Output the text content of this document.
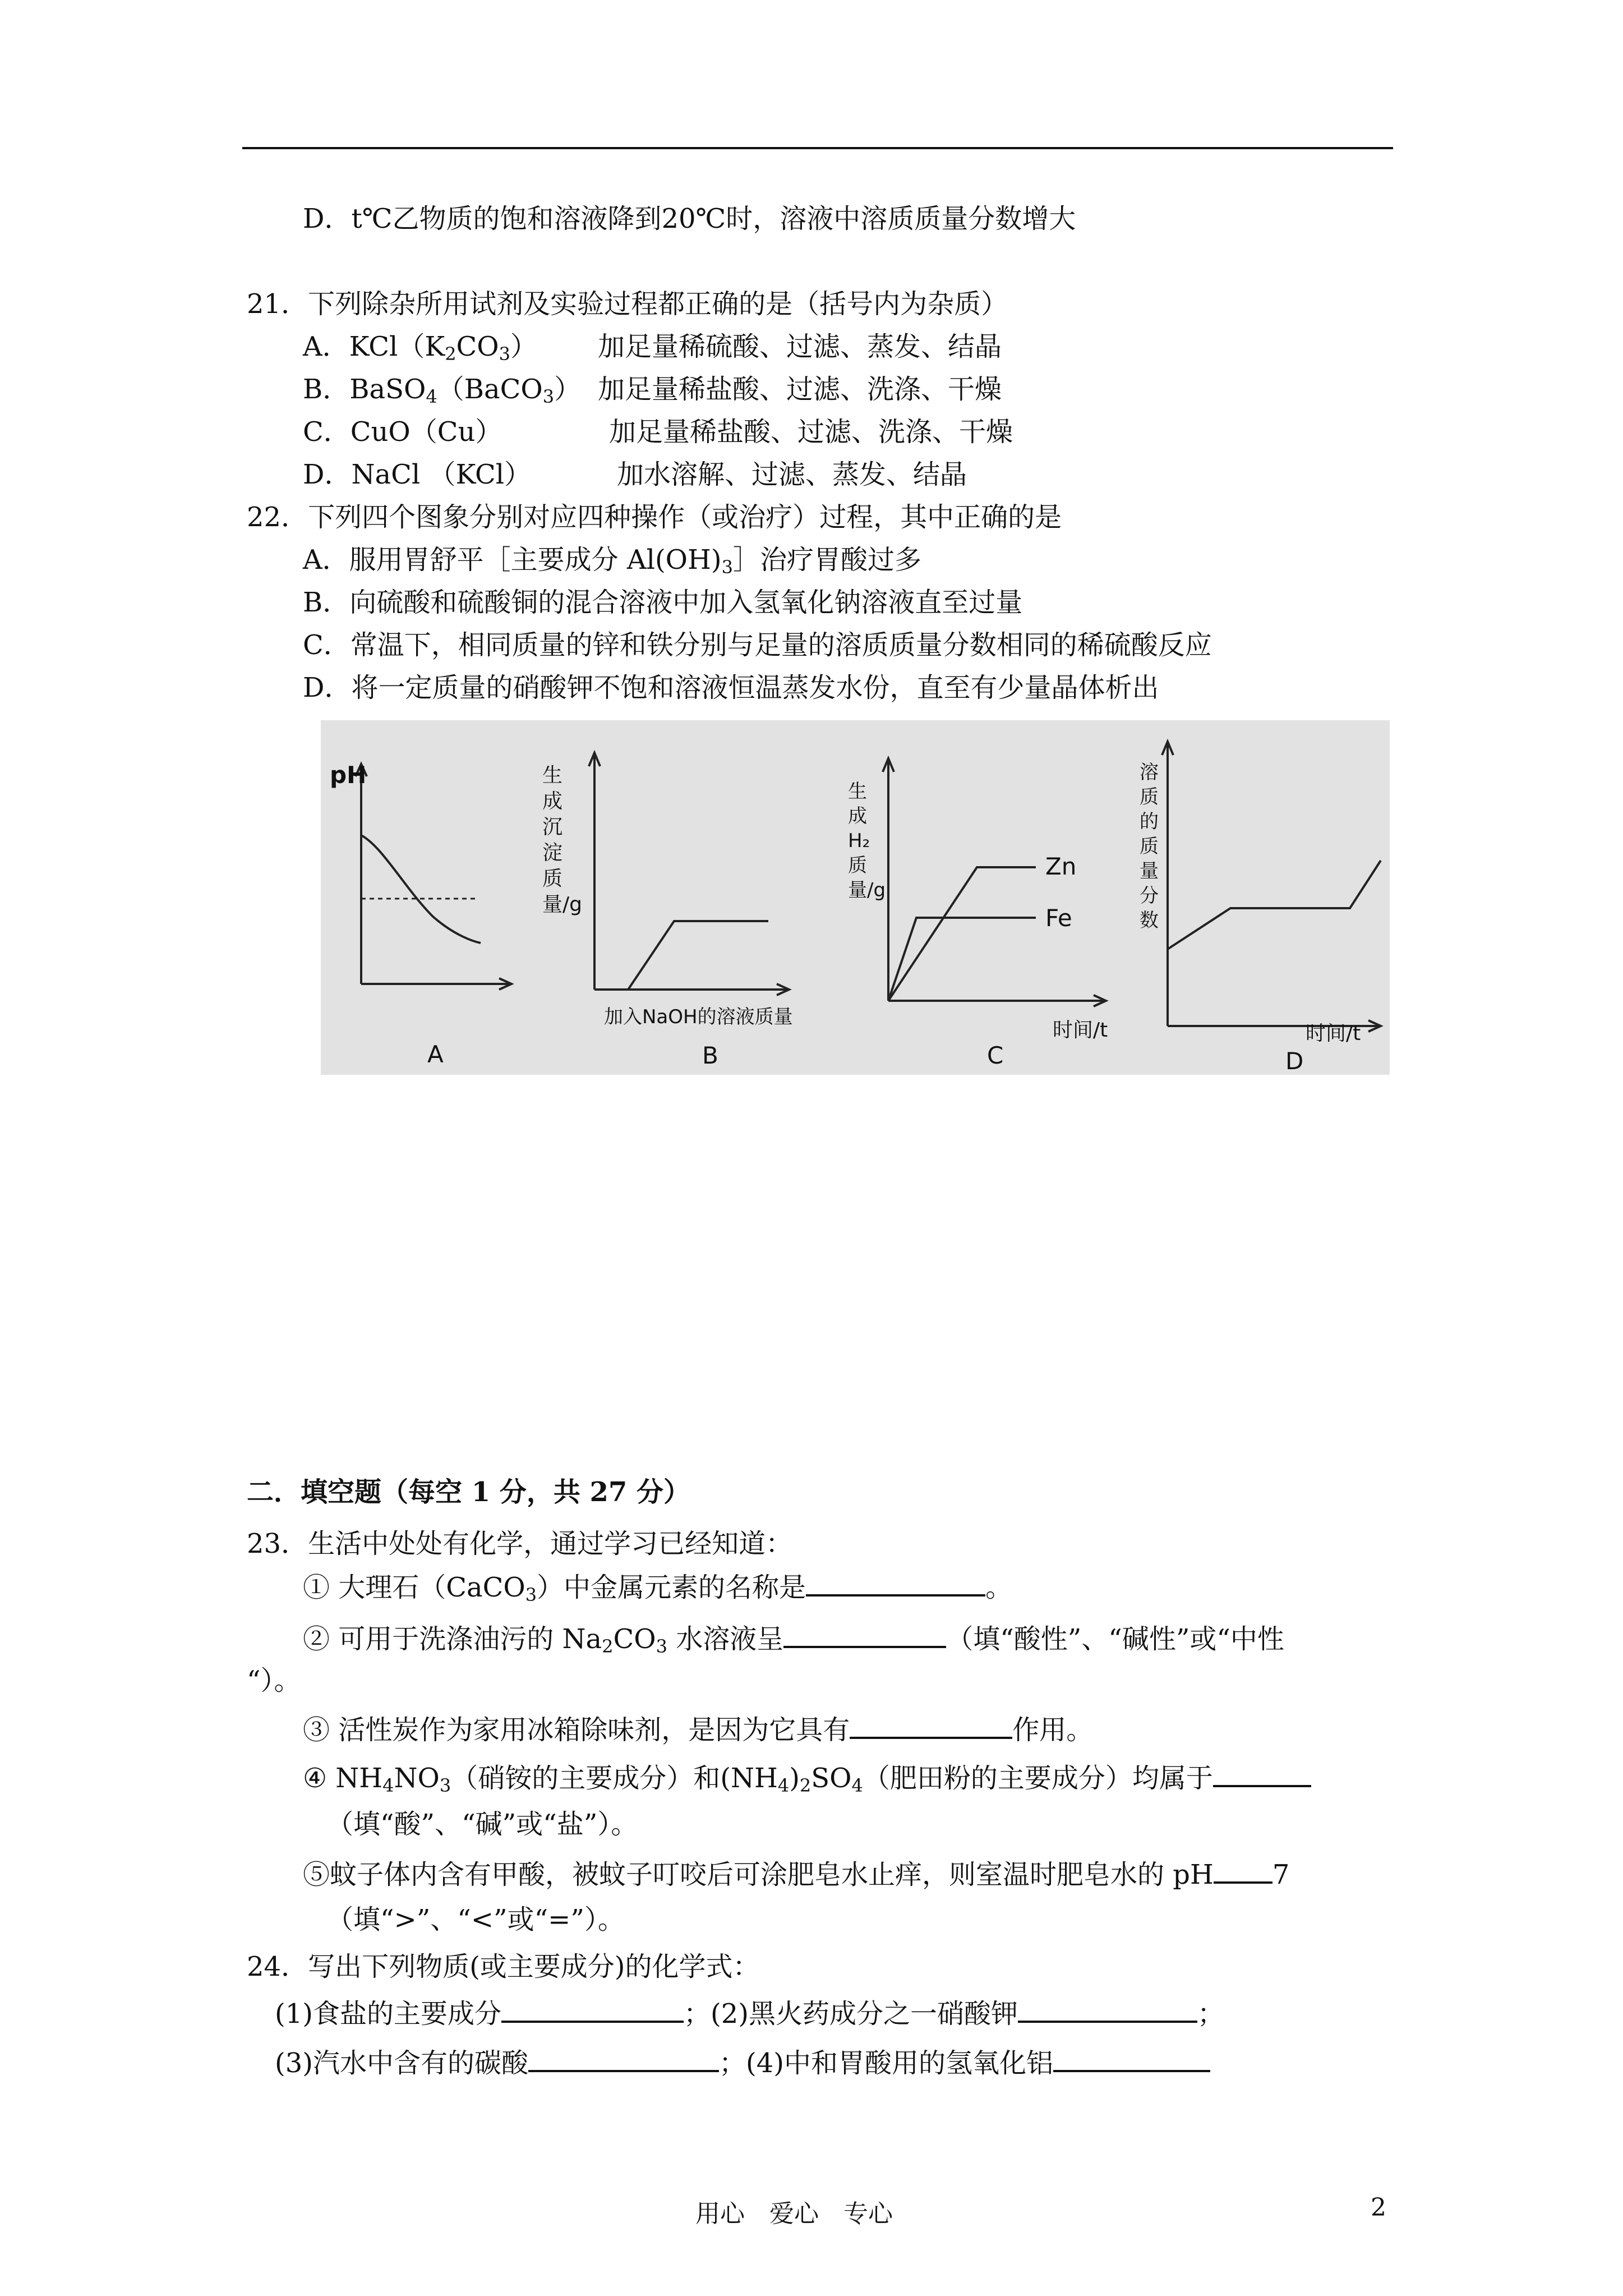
D．t℃乙物质的饱和溶液降到20℃时，溶液中溶质质量分数增大
21．下列除杂所用试剂及实验过程都正确的是（括号内为杂质）
A．$KCl(K_2CO_3)$ 加足量稀硫酸、过滤、蒸发、结晶
B．BaSO$_4$（BaCO$_3$） 加足量稀盐酸、过滤、洗涤、干燥
C．CuO（Cu）	加足量稀盐酸、过滤、洗涤、干燥
D．NaCl （KCl）	加水溶解、过滤、蒸发、结晶
22．下列四个图象分别对应四种操作（或治疗）过程，其中正确的是
A．服用胃舒平［主要成分 $Al(OH)_3]$治疗胃酸过多
B．向硫酸和硫酸铜的混合溶液中加入氢氧化钠溶液直至过量
C．常温下，相同质量的锌和铁分别与足量的溶质质量分数相同的稀硫酸反应
D．将一定质量的硝酸钾不饱和溶液恒温蒸发水份，直至有少量晶体析出
pH
A
生成沉淀质量/g
加入NaOH的溶液质量
B
生成 H₂ 质量/g
Zn
Fe
时间/t
C
溶质的质量分数
时间/t
D
二．填空题（每空 1 分，共 27 分）
23．生活中处处有化学，通过学习已经知道：
① 大理石（CaCO$_3$）中金属元素的名称是	。
② 可用于洗涤油污的 $Na_2CO_3$ 水溶液呈	（填“酸性”、“碱性”或“中性
“）。
③ 活性炭作为家用冰箱除味剂，是因为它具有	作用。
④ $NH_4NO_3$（硝铵的主要成分）和$(NH_4)_2SO_4$（肥田粉的主要成分）均属于
（填“酸”、“碱”或“盐”）。
⑤蚊子体内含有甲酸，被蚊子叮咬后可涂肥皂水止痒，则室温时肥皂水的 pH 7
（填“>”、“<”或“=”）。
24．写出下列物质(或主要成分)的化学式：
(1)食盐的主要成分	；(2)黑火药成分之一硝酸钾	；
(3)汽水中含有的碳酸	；(4)中和胃酸用的氢氧化铝
用心　爱心　专心	2
